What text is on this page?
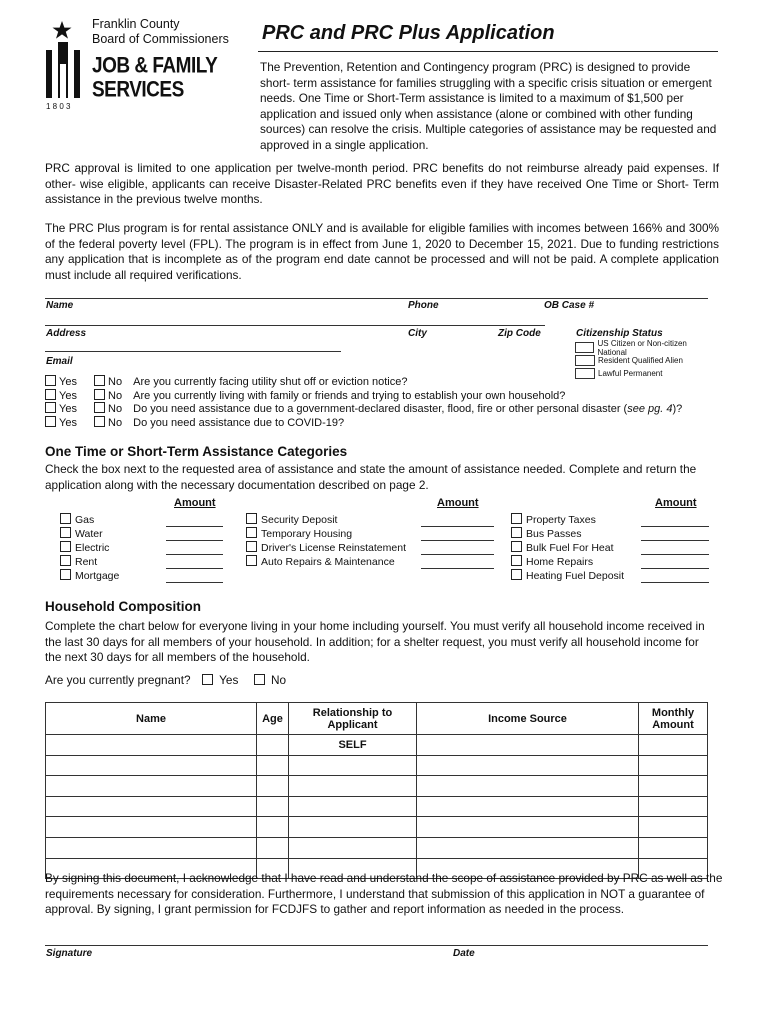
Franklin County
Board of Commissioners
JOB & FAMILY
SERVICES
1 8 0 3
PRC and PRC Plus Application
The Prevention, Retention and Contingency program (PRC) is designed to provide short- term assistance for families struggling with a specific crisis situation or emergent needs. One Time or Short-Term assistance is limited to a maximum of $1,500 per application and issued only when assistance (alone or combined with other funding sources) can resolve the crisis. Multiple categories of assistance may be requested and approved in a single application.
PRC approval is limited to one application per twelve-month period. PRC benefits do not reimburse already paid expenses. If other- wise eligible, applicants can receive Disaster-Related PRC benefits even if they have received One Time or Short- Term assistance in the previous twelve months.
The PRC Plus program is for rental assistance ONLY and is available for eligible families with incomes between 166% and 300% of the federal poverty level (FPL). The program is in effect from June 1, 2020 to December 15, 2021. Due to funding restrictions any application that is incomplete as of the program end date cannot be processed and will not be paid. A complete application must include all required verifications.
Name	Phone	OB Case #
Address	City	Zip Code
Email
Citizenship Status
US Citizen or Non-citizen National
Resident Qualified Alien
Lawful Permanent
Yes	No Are you currently facing utility shut off or eviction notice?
Yes	No Are you currently living with family or friends and trying to establish your own household?
Yes	No Do you need assistance due to a government-declared disaster, flood, fire or other personal disaster (see pg. 4)?
Yes	No Do you need assistance due to COVID-19?
One Time or Short-Term Assistance Categories
Check the box next to the requested area of assistance and state the amount of assistance needed. Complete and return the application along with the necessary documentation described on page 2.
Amount	Amount	Amount
Gas
Water
Electric
Rent
Mortgage
Security Deposit
Temporary Housing
Driver's License Reinstatement
Auto Repairs & Maintenance
Property Taxes
Bus Passes
Bulk Fuel For Heat
Home Repairs
Heating Fuel Deposit
Household Composition
Complete the chart below for everyone living in your home including yourself. You must verify all household income received in the last 30 days for all members of your household. In addition; for a shelter request, you must verify all household income for the next 30 days for all members of the household.
Are you currently pregnant? Yes	No
Name	Age	Relationship to Applicant	Income Source	Monthly Amount
		SELF		

By signing this document, I acknowledge that I have read and understand the scope of assistance provided by PRC as well as the requirements necessary for consideration. Furthermore, I understand that submission of this application in NOT a guarantee of approval. By signing, I grant permission for FCDJFS to gather and report information as needed in the process.
Signature	Date
